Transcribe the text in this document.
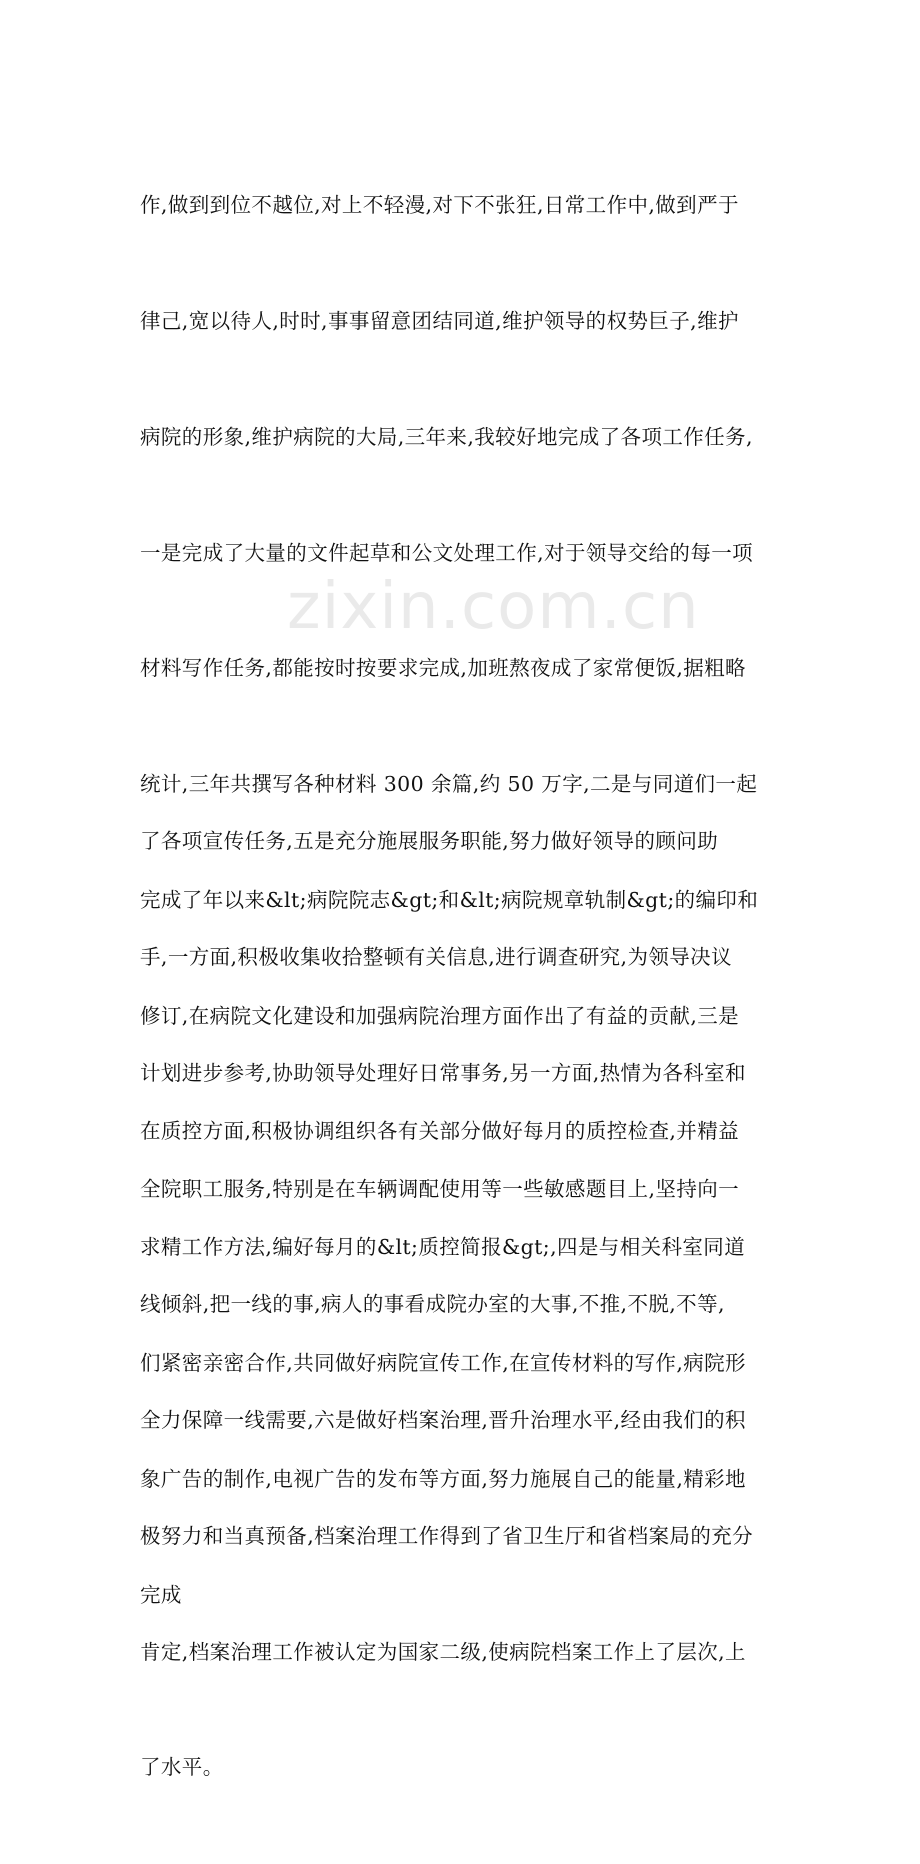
作,做到到位不越位,对上不轻漫,对下不张狂,日常工作中,做到严于

律己,宽以待人,时时,事事留意团结同道,维护领导的权势巨子,维护

病院的形象,维护病院的大局,三年来,我较好地完成了各项工作任务,

一是完成了大量的文件起草和公文处理工作,对于领导交给的每一项

材料写作任务,都能按时按要求完成,加班熬夜成了家常便饭,据粗略

统计,三年共撰写各种材料 300 余篇,约 50 万字,二是与同道们一起

完成了年以来&lt;病院院志&gt;和&lt;病院规章轨制&gt;的编印和

修订,在病院文化建设和加强病院治理方面作出了有益的贡献,三是

在质控方面,积极协调组织各有关部分做好每月的质控检查,并精益

求精工作方法,编好每月的&lt;质控简报&gt;,四是与相关科室同道

们紧密亲密合作,共同做好病院宣传工作,在宣传材料的写作,病院形

象广告的制作,电视广告的发布等方面,努力施展自己的能量,精彩地

完成

了各项宣传任务,五是充分施展服务职能,努力做好领导的顾问助

手,一方面,积极收集收拾整顿有关信息,进行调查研究,为领导决议

计划进步参考,协助领导处理好日常事务,另一方面,热情为各科室和

全院职工服务,特别是在车辆调配使用等一些敏感题目上,坚持向一

线倾斜,把一线的事,病人的事看成院办室的大事,不推,不脱,不等,

全力保障一线需要,六是做好档案治理,晋升治理水平,经由我们的积

极努力和当真预备,档案治理工作得到了省卫生厅和省档案局的充分

肯定,档案治理工作被认定为国家二级,使病院档案工作上了层次,上

了水平。

zixin.com.cn
